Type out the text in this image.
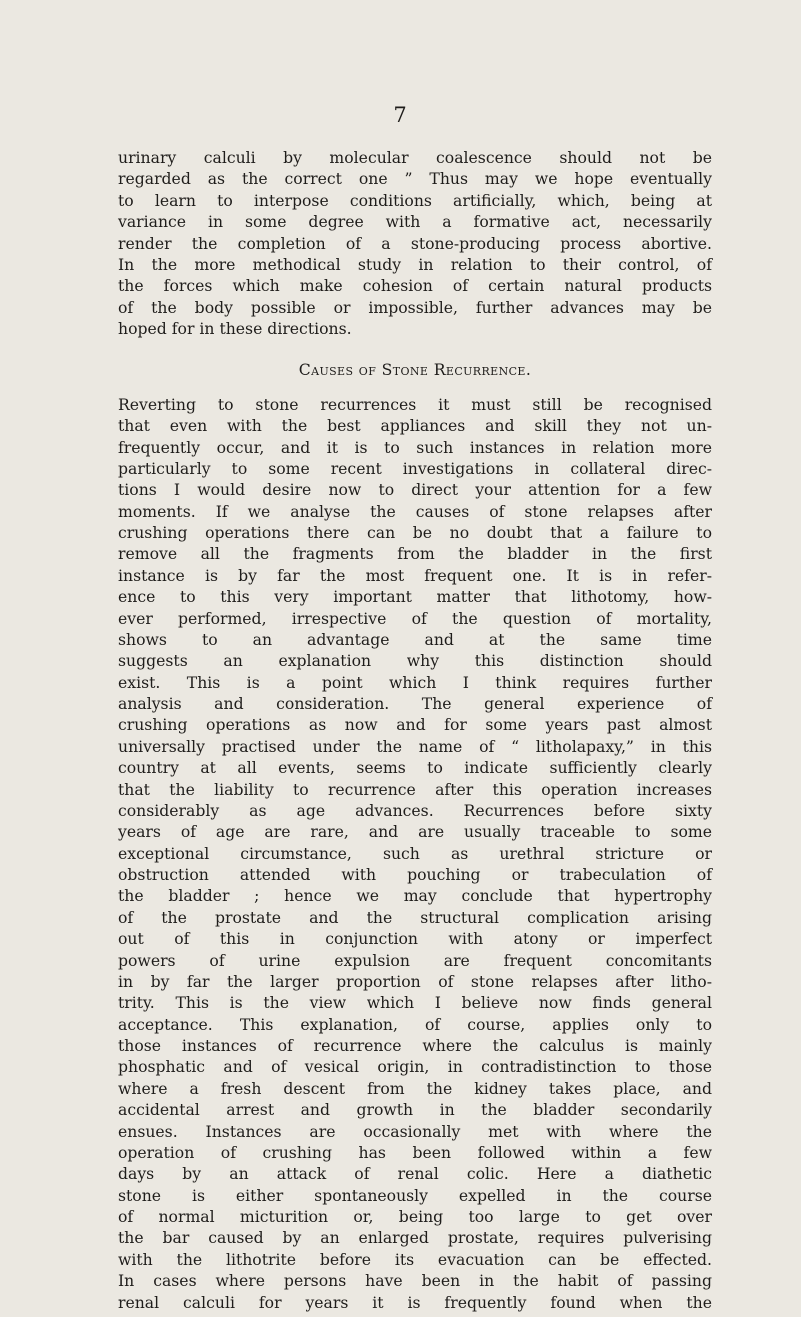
7
urinary calculi by molecular coalescence should not be
regarded as the correct one ” Thus may we hope eventually
to learn to interpose conditions artificially, which, being at
variance in some degree with a formative act, necessarily
render the completion of a stone-producing process abortive.
In the more methodical study in relation to their control, of
the forces which make cohesion of certain natural products
of the body possible or impossible, further advances may be
hoped for in these directions.
Causes of Stone Recurrence.
Reverting to stone recurrences it must still be recognised
that even with the best appliances and skill they not un-
frequently occur, and it is to such instances in relation more
particularly to some recent investigations in collateral direc-
tions I would desire now to direct your attention for a few
moments. If we analyse the causes of stone relapses after
crushing operations there can be no doubt that a failure to
remove all the fragments from the bladder in the first
instance is by far the most frequent one. It is in refer-
ence to this very important matter that lithotomy, how-
ever performed, irrespective of the question of mortality,
shows to an advantage and at the same time
suggests an explanation why this distinction should
exist. This is a point which I think requires further
analysis and consideration. The general experience of
crushing operations as now and for some years past almost
universally practised under the name of “ litholapaxy,” in this
country at all events, seems to indicate sufficiently clearly
that the liability to recurrence after this operation increases
considerably as age advances. Recurrences before sixty
years of age are rare, and are usually traceable to some
exceptional circumstance, such as urethral stricture or
obstruction attended with pouching or trabeculation of
the bladder ; hence we may conclude that hypertrophy
of the prostate and the structural complication arising
out of this in conjunction with atony or imperfect
powers of urine expulsion are frequent concomitants
in by far the larger proportion of stone relapses after litho-
trity. This is the view which I believe now finds general
acceptance. This explanation, of course, applies only to
those instances of recurrence where the calculus is mainly
phosphatic and of vesical origin, in contradistinction to those
where a fresh descent from the kidney takes place, and
accidental arrest and growth in the bladder secondarily
ensues. Instances are occasionally met with where the
operation of crushing has been followed within a few
days by an attack of renal colic. Here a diathetic
stone is either spontaneously expelled in the course
of normal micturition or, being too large to get over
the bar caused by an enlarged prostate, requires pulverising
with the lithotrite before its evacuation can be effected.
In cases where persons have been in the habit of passing
renal calculi for years it is frequently found when the
